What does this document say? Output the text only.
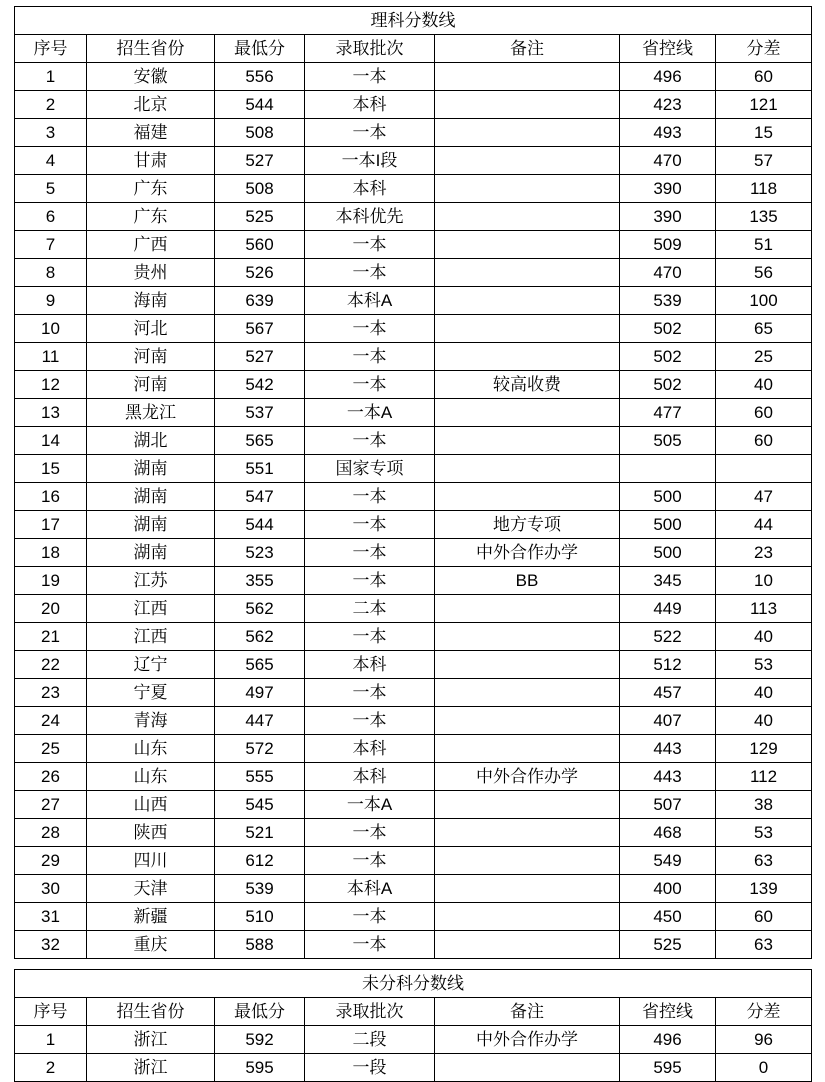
理科分数线						
序号	招生省份	最低分	录取批次	备注	省控线	分差
1	安徽	556	一本		496	60
2	北京	544	本科		423	121
3	福建	508	一本		493	15
4	甘肃	527	一本I段		470	57
5	广东	508	本科		390	118
6	广东	525	本科优先		390	135
7	广西	560	一本		509	51
8	贵州	526	一本		470	56
9	海南	639	本科A		539	100
10	河北	567	一本		502	65
11	河南	527	一本		502	25
12	河南	542	一本	较高收费	502	40
13	黑龙江	537	一本A		477	60
14	湖北	565	一本		505	60
15	湖南	551	国家专项			
16	湖南	547	一本		500	47
17	湖南	544	一本	地方专项	500	44
18	湖南	523	一本	中外合作办学	500	23
19	江苏	355	一本	BB	345	10
20	江西	562	二本		449	113
21	江西	562	一本		522	40
22	辽宁	565	本科		512	53
23	宁夏	497	一本		457	40
24	青海	447	一本		407	40
25	山东	572	本科		443	129
26	山东	555	本科	中外合作办学	443	112
27	山西	545	一本A		507	38
28	陕西	521	一本		468	53
29	四川	612	一本		549	63
30	天津	539	本科A		400	139
31	新疆	510	一本		450	60
32	重庆	588	一本		525	63
未分科分数线						
序号	招生省份	最低分	录取批次	备注	省控线	分差
1	浙江	592	二段	中外合作办学	496	96
2	浙江	595	一段		595	0
